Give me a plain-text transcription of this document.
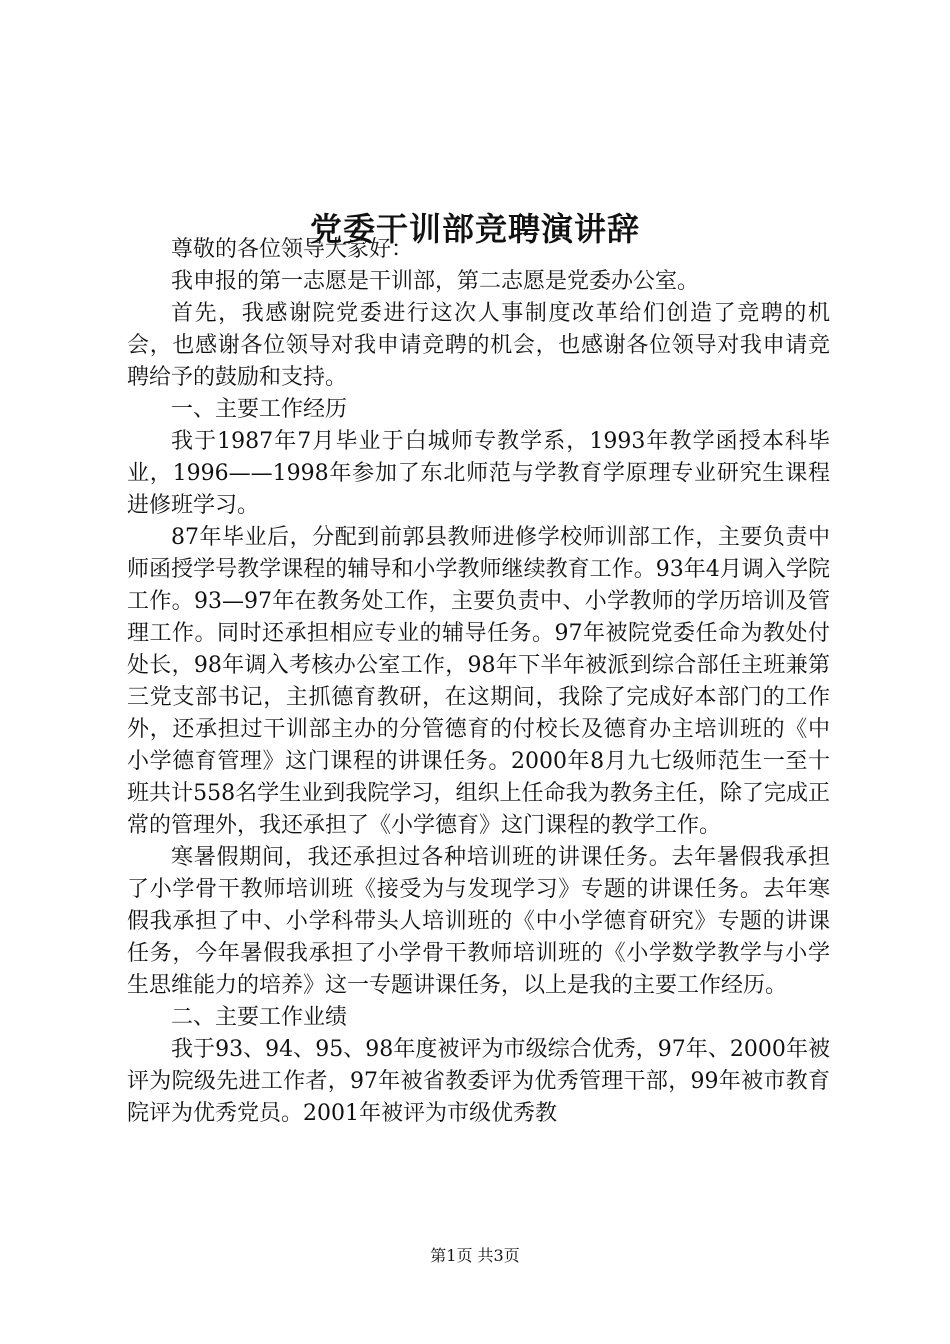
党委干训部竞聘演讲辞

尊敬的各位领导大家好：

我申报的第一志愿是干训部，第二志愿是党委办公室。

首先，我感谢院党委进行这次人事制度改革给们创造了竞聘的机会，也感谢各位领导对我申请竞聘的机会，也感谢各位领导对我申请竞聘给予的鼓励和支持。

一、主要工作经历

我于1987年7月毕业于白城师专教学系，1993年教学函授本科毕业，1996——1998年参加了东北师范与学教育学原理专业研究生课程进修班学习。

87年毕业后，分配到前郭县教师进修学校师训部工作，主要负责中师函授学号教学课程的辅导和小学教师继续教育工作。93年4月调入学院工作。93—97年在教务处工作，主要负责中、小学教师的学历培训及管理工作。同时还承担相应专业的辅导任务。97年被院党委任命为教处付处长，98年调入考核办公室工作，98年下半年被派到综合部任主班兼第三党支部书记，主抓德育教研，在这期间，我除了完成好本部门的工作外，还承担过干训部主办的分管德育的付校长及德育办主培训班的《中小学德育管理》这门课程的讲课任务。2000年8月九七级师范生一至十班共计558名学生业到我院学习，组织上任命我为教务主任，除了完成正常的管理外，我还承担了《小学德育》这门课程的教学工作。

寒暑假期间，我还承担过各种培训班的讲课任务。去年暑假我承担了小学骨干教师培训班《接受为与发现学习》专题的讲课任务。去年寒假我承担了中、小学科带头人培训班的《中小学德育研究》专题的讲课任务，今年暑假我承担了小学骨干教师培训班的《小学数学教学与小学生思维能力的培养》这一专题讲课任务，以上是我的主要工作经历。

二、主要工作业绩

我于93、94、95、98年度被评为市级综合优秀，97年、2000年被评为院级先进工作者，97年被省教委评为优秀管理干部，99年被市教育院评为优秀党员。2001年被评为市级优秀教

第1页 共3页
